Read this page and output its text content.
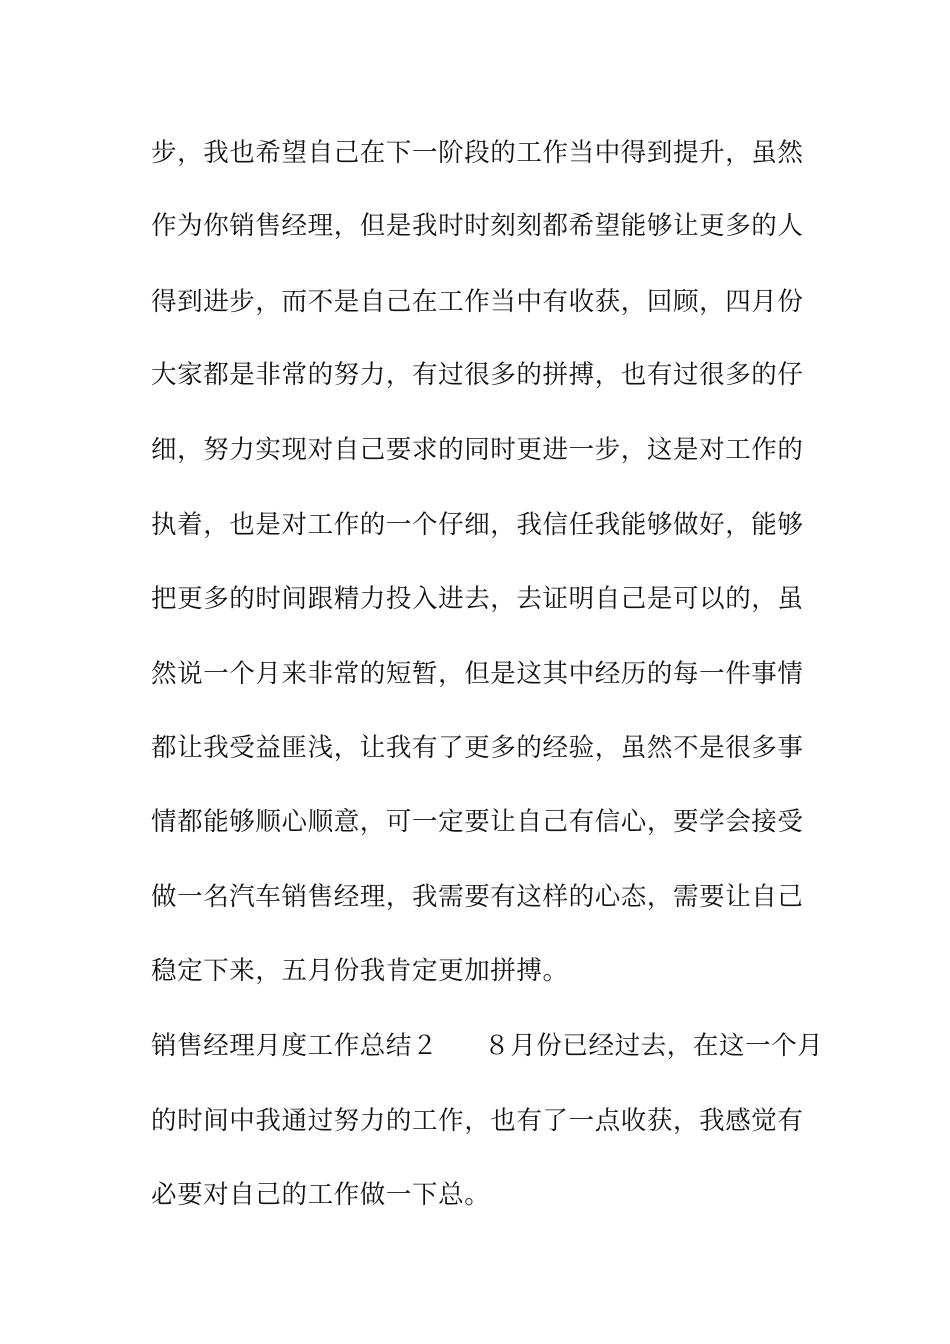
步，我也希望自己在下一阶段的工作当中得到提升，虽然
作为你销售经理，但是我时时刻刻都希望能够让更多的人
得到进步，而不是自己在工作当中有收获，回顾，四月份
大家都是非常的努力，有过很多的拼搏，也有过很多的仔
细，努力实现对自己要求的同时更进一步，这是对工作的
执着，也是对工作的一个仔细，我信任我能够做好，能够
把更多的时间跟精力投入进去，去证明自己是可以的，虽
然说一个月来非常的短暂，但是这其中经历的每一件事情
都让我受益匪浅，让我有了更多的经验，虽然不是很多事
情都能够顺心顺意，可一定要让自己有信心，要学会接受
做一名汽车销售经理，我需要有这样的心态，需要让自己
稳定下来，五月份我肯定更加拼搏。
销售经理月度工作总结２ ８月份已经过去，在这一个月
的时间中我通过努力的工作，也有了一点收获，我感觉有
必要对自己的工作做一下总。
